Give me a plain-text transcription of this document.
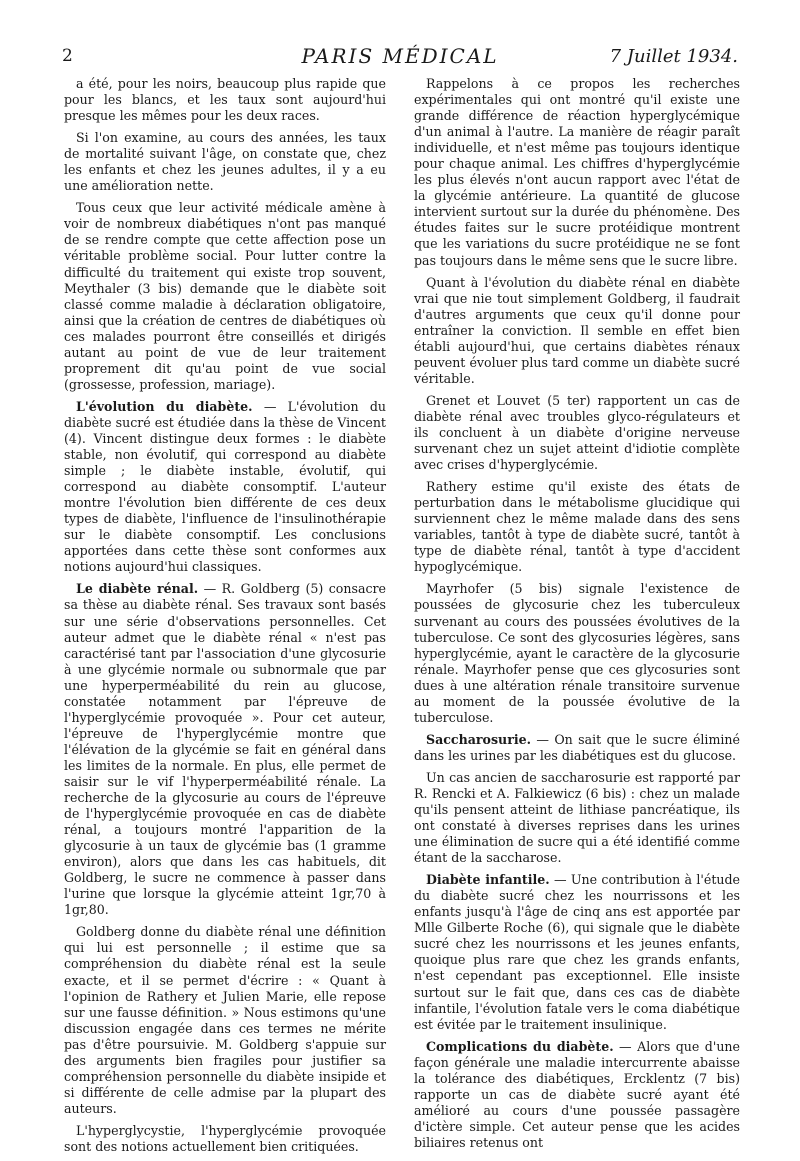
2	PARIS MÉDICAL	7 Juillet 1934.

a été, pour les noirs, beaucoup plus rapide que pour les blancs, et les taux sont aujourd'hui presque les mêmes pour les deux races.

Si l'on examine, au cours des années, les taux de mortalité suivant l'âge, on constate que, chez les enfants et chez les jeunes adultes, il y a eu une amélioration nette.

Tous ceux que leur activité médicale amène à voir de nombreux diabétiques n'ont pas manqué de se rendre compte que cette affection pose un véritable problème social. Pour lutter contre la difficulté du traitement qui existe trop souvent, Meythaler (3 bis) demande que le diabète soit classé comme maladie à déclaration obligatoire, ainsi que la création de centres de diabétiques où ces malades pourront être conseillés et dirigés autant au point de vue de leur traitement proprement dit qu'au point de vue social (grossesse, profession, mariage).

L'évolution du diabète. — L'évolution du diabète sucré est étudiée dans la thèse de Vincent (4). Vincent distingue deux formes : le diabète stable, non évolutif, qui correspond au diabète simple ; le diabète instable, évolutif, qui correspond au diabète consomptif. L'auteur montre l'évolution bien différente de ces deux types de diabète, l'influence de l'insulinothérapie sur le diabète consomptif. Les conclusions apportées dans cette thèse sont conformes aux notions aujourd'hui classiques.

Le diabète rénal. — R. Goldberg (5) consacre sa thèse au diabète rénal. Ses travaux sont basés sur une série d'observations personnelles. Cet auteur admet que le diabète rénal « n'est pas caractérisé tant par l'association d'une glycosurie à une glycémie normale ou subnormale que par une hyperperméabilité du rein au glucose, constatée notamment par l'épreuve de l'hyperglycémie provoquée ». Pour cet auteur, l'épreuve de l'hyperglycémie montre que l'élévation de la glycémie se fait en général dans les limites de la normale. En plus, elle permet de saisir sur le vif l'hyperperméabilité rénale. La recherche de la glycosurie au cours de l'épreuve de l'hyperglycémie provoquée en cas de diabète rénal, a toujours montré l'apparition de la glycosurie à un taux de glycémie bas (1 gramme environ), alors que dans les cas habituels, dit Goldberg, le sucre ne commence à passer dans l'urine que lorsque la glycémie atteint 1gr,70 à 1gr,80.

Goldberg donne du diabète rénal une définition qui lui est personnelle ; il estime que sa compréhension du diabète rénal est la seule exacte, et il se permet d'écrire : « Quant à l'opinion de Rathery et Julien Marie, elle repose sur une fausse définition. » Nous estimons qu'une discussion engagée dans ces termes ne mérite pas d'être poursuivie. M. Goldberg s'appuie sur des arguments bien fragiles pour justifier sa compréhension personnelle du diabète insipide et si différente de celle admise par la plupart des auteurs.

L'hyperglycystie, l'hyperglycémie provoquée sont des notions actuellement bien critiquées.

Rappelons à ce propos les recherches expérimentales qui ont montré qu'il existe une grande différence de réaction hyperglycémique d'un animal à l'autre. La manière de réagir paraît individuelle, et n'est même pas toujours identique pour chaque animal. Les chiffres d'hyperglycémie les plus élevés n'ont aucun rapport avec l'état de la glycémie antérieure. La quantité de glucose intervient surtout sur la durée du phénomène. Des études faites sur le sucre protéidique montrent que les variations du sucre protéidique ne se font pas toujours dans le même sens que le sucre libre.

Quant à l'évolution du diabète rénal en diabète vrai que nie tout simplement Goldberg, il faudrait d'autres arguments que ceux qu'il donne pour entraîner la conviction. Il semble en effet bien établi aujourd'hui, que certains diabètes rénaux peuvent évoluer plus tard comme un diabète sucré véritable.

Grenet et Louvet (5 ter) rapportent un cas de diabète rénal avec troubles glyco-régulateurs et ils concluent à un diabète d'origine nerveuse survenant chez un sujet atteint d'idiotie complète avec crises d'hyperglycémie.

Rathery estime qu'il existe des états de perturbation dans le métabolisme glucidique qui surviennent chez le même malade dans des sens variables, tantôt à type de diabète sucré, tantôt à type de diabète rénal, tantôt à type d'accident hypoglycémique.

Mayrhofer (5 bis) signale l'existence de poussées de glycosurie chez les tuberculeux survenant au cours des poussées évolutives de la tuberculose. Ce sont des glycosuries légères, sans hyperglycémie, ayant le caractère de la glycosurie rénale. Mayrhofer pense que ces glycosuries sont dues à une altération rénale transitoire survenue au moment de la poussée évolutive de la tuberculose.

Saccharosurie. — On sait que le sucre éliminé dans les urines par les diabétiques est du glucose.

Un cas ancien de saccharosurie est rapporté par R. Rencki et A. Falkiewicz (6 bis) : chez un malade qu'ils pensent atteint de lithiase pancréatique, ils ont constaté à diverses reprises dans les urines une élimination de sucre qui a été identifié comme étant de la saccharose.

Diabète infantile. — Une contribution à l'étude du diabète sucré chez les nourrissons et les enfants jusqu'à l'âge de cinq ans est apportée par Mlle Gilberte Roche (6), qui signale que le diabète sucré chez les nourrissons et les jeunes enfants, quoique plus rare que chez les grands enfants, n'est cependant pas exceptionnel. Elle insiste surtout sur le fait que, dans ces cas de diabète infantile, l'évolution fatale vers le coma diabétique est évitée par le traitement insulinique.

Complications du diabète. — Alors que d'une façon générale une maladie intercurrente abaisse la tolérance des diabétiques, Ercklentz (7 bis) rapporte un cas de diabète sucré ayant été amélioré au cours d'une poussée passagère d'ictère simple. Cet auteur pense que les acides biliaires retenus ont
